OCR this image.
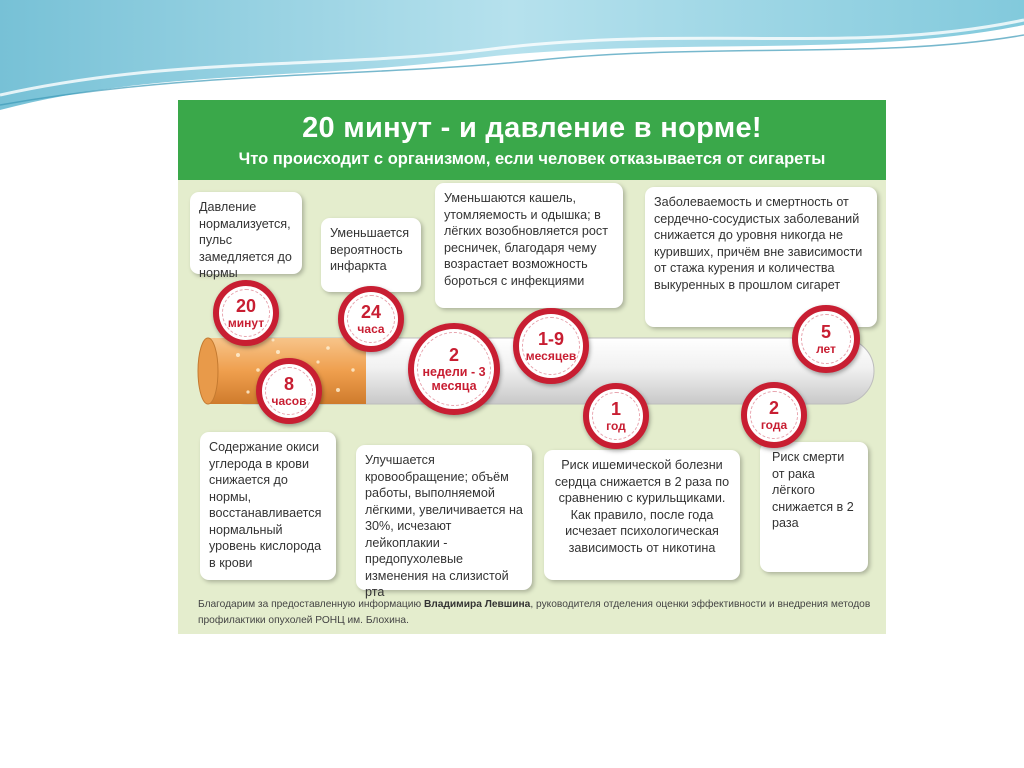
20 минут - и давление в норме!
Что происходит с организмом, если человек отказывается от сигареты
Давление нормализуется, пульс замедляется до нормы
Уменьшается вероятность инфаркта
Уменьшаются кашель, утомляемость и одышка; в лёгких возобновляется рост ресничек, благодаря чему возрастает возможность бороться с инфекциями
Заболеваемость и смертность от сердечно-сосудистых заболеваний снижается до уровня никогда не куривших, причём вне зависимости от стажа курения и количества выкуренных в прошлом сигарет
Содержание окиси углерода в крови снижается до нормы, восстанавливается нормальный уровень кислорода в крови
Улучшается кровообращение; объём работы, выполняемой лёгкими, увеличивается на 30%, исчезают лейкоплакии - предопухолевые изменения на слизистой рта
Риск ишемической болезни сердца снижается в 2 раза по сравнению с курильщиками. Как правило, после года исчезает психологическая зависимость от никотина
Риск смерти от рака лёгкого снижается в 2 раза
20
минут
8
часов
24
часа
2
недели - 3 месяца
1-9
месяцев
1
год
2
года
5
лет
Благодарим за предоставленную информацию Владимира Левшина, руководителя отделения оценки эффективности и внедрения методов профилактики опухолей РОНЦ им. Блохина.
